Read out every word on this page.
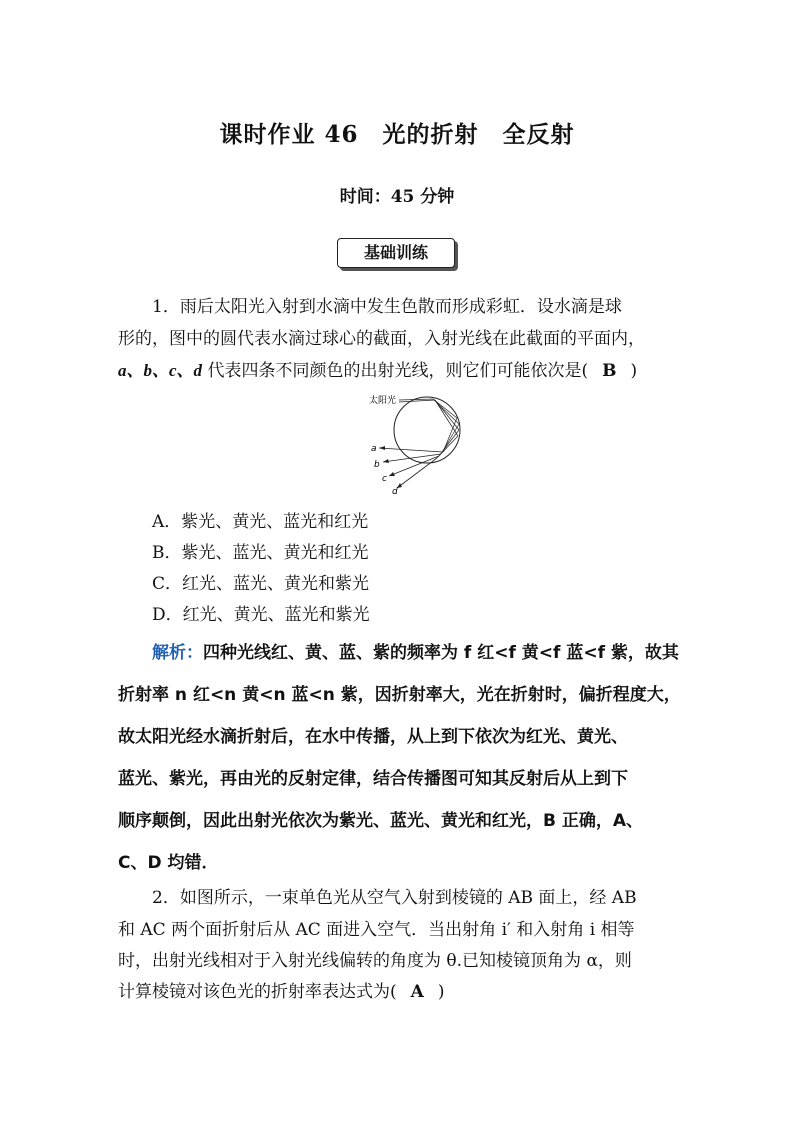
课时作业 46　光的折射　全反射
时间：45 分钟
基础训练
1．雨后太阳光入射到水滴中发生色散而形成彩虹．设水滴是球
形的，图中的圆代表水滴过球心的截面，入射光线在此截面的平面内，
a、b、c、d 代表四条不同颜色的出射光线，则它们可能依次是( B )
太阳光
a
b
c
d
A．紫光、黄光、蓝光和红光
B．紫光、蓝光、黄光和红光
C．红光、蓝光、黄光和紫光
D．红光、黄光、蓝光和紫光
解析：四种光线红、黄、蓝、紫的频率为 f 红<f 黄<f 蓝<f 紫，故其
折射率 n 红<n 黄<n 蓝<n 紫，因折射率大，光在折射时，偏折程度大，
故太阳光经水滴折射后，在水中传播，从上到下依次为红光、黄光、
蓝光、紫光，再由光的反射定律，结合传播图可知其反射后从上到下
顺序颠倒，因此出射光依次为紫光、蓝光、黄光和红光，B 正确，A、
C、D 均错．
2．如图所示，一束单色光从空气入射到棱镜的 AB 面上，经 AB
和 AC 两个面折射后从 AC 面进入空气．当出射角 i′ 和入射角 i 相等
时，出射光线相对于入射光线偏转的角度为 θ.已知棱镜顶角为 α，则
计算棱镜对该色光的折射率表达式为( A )
